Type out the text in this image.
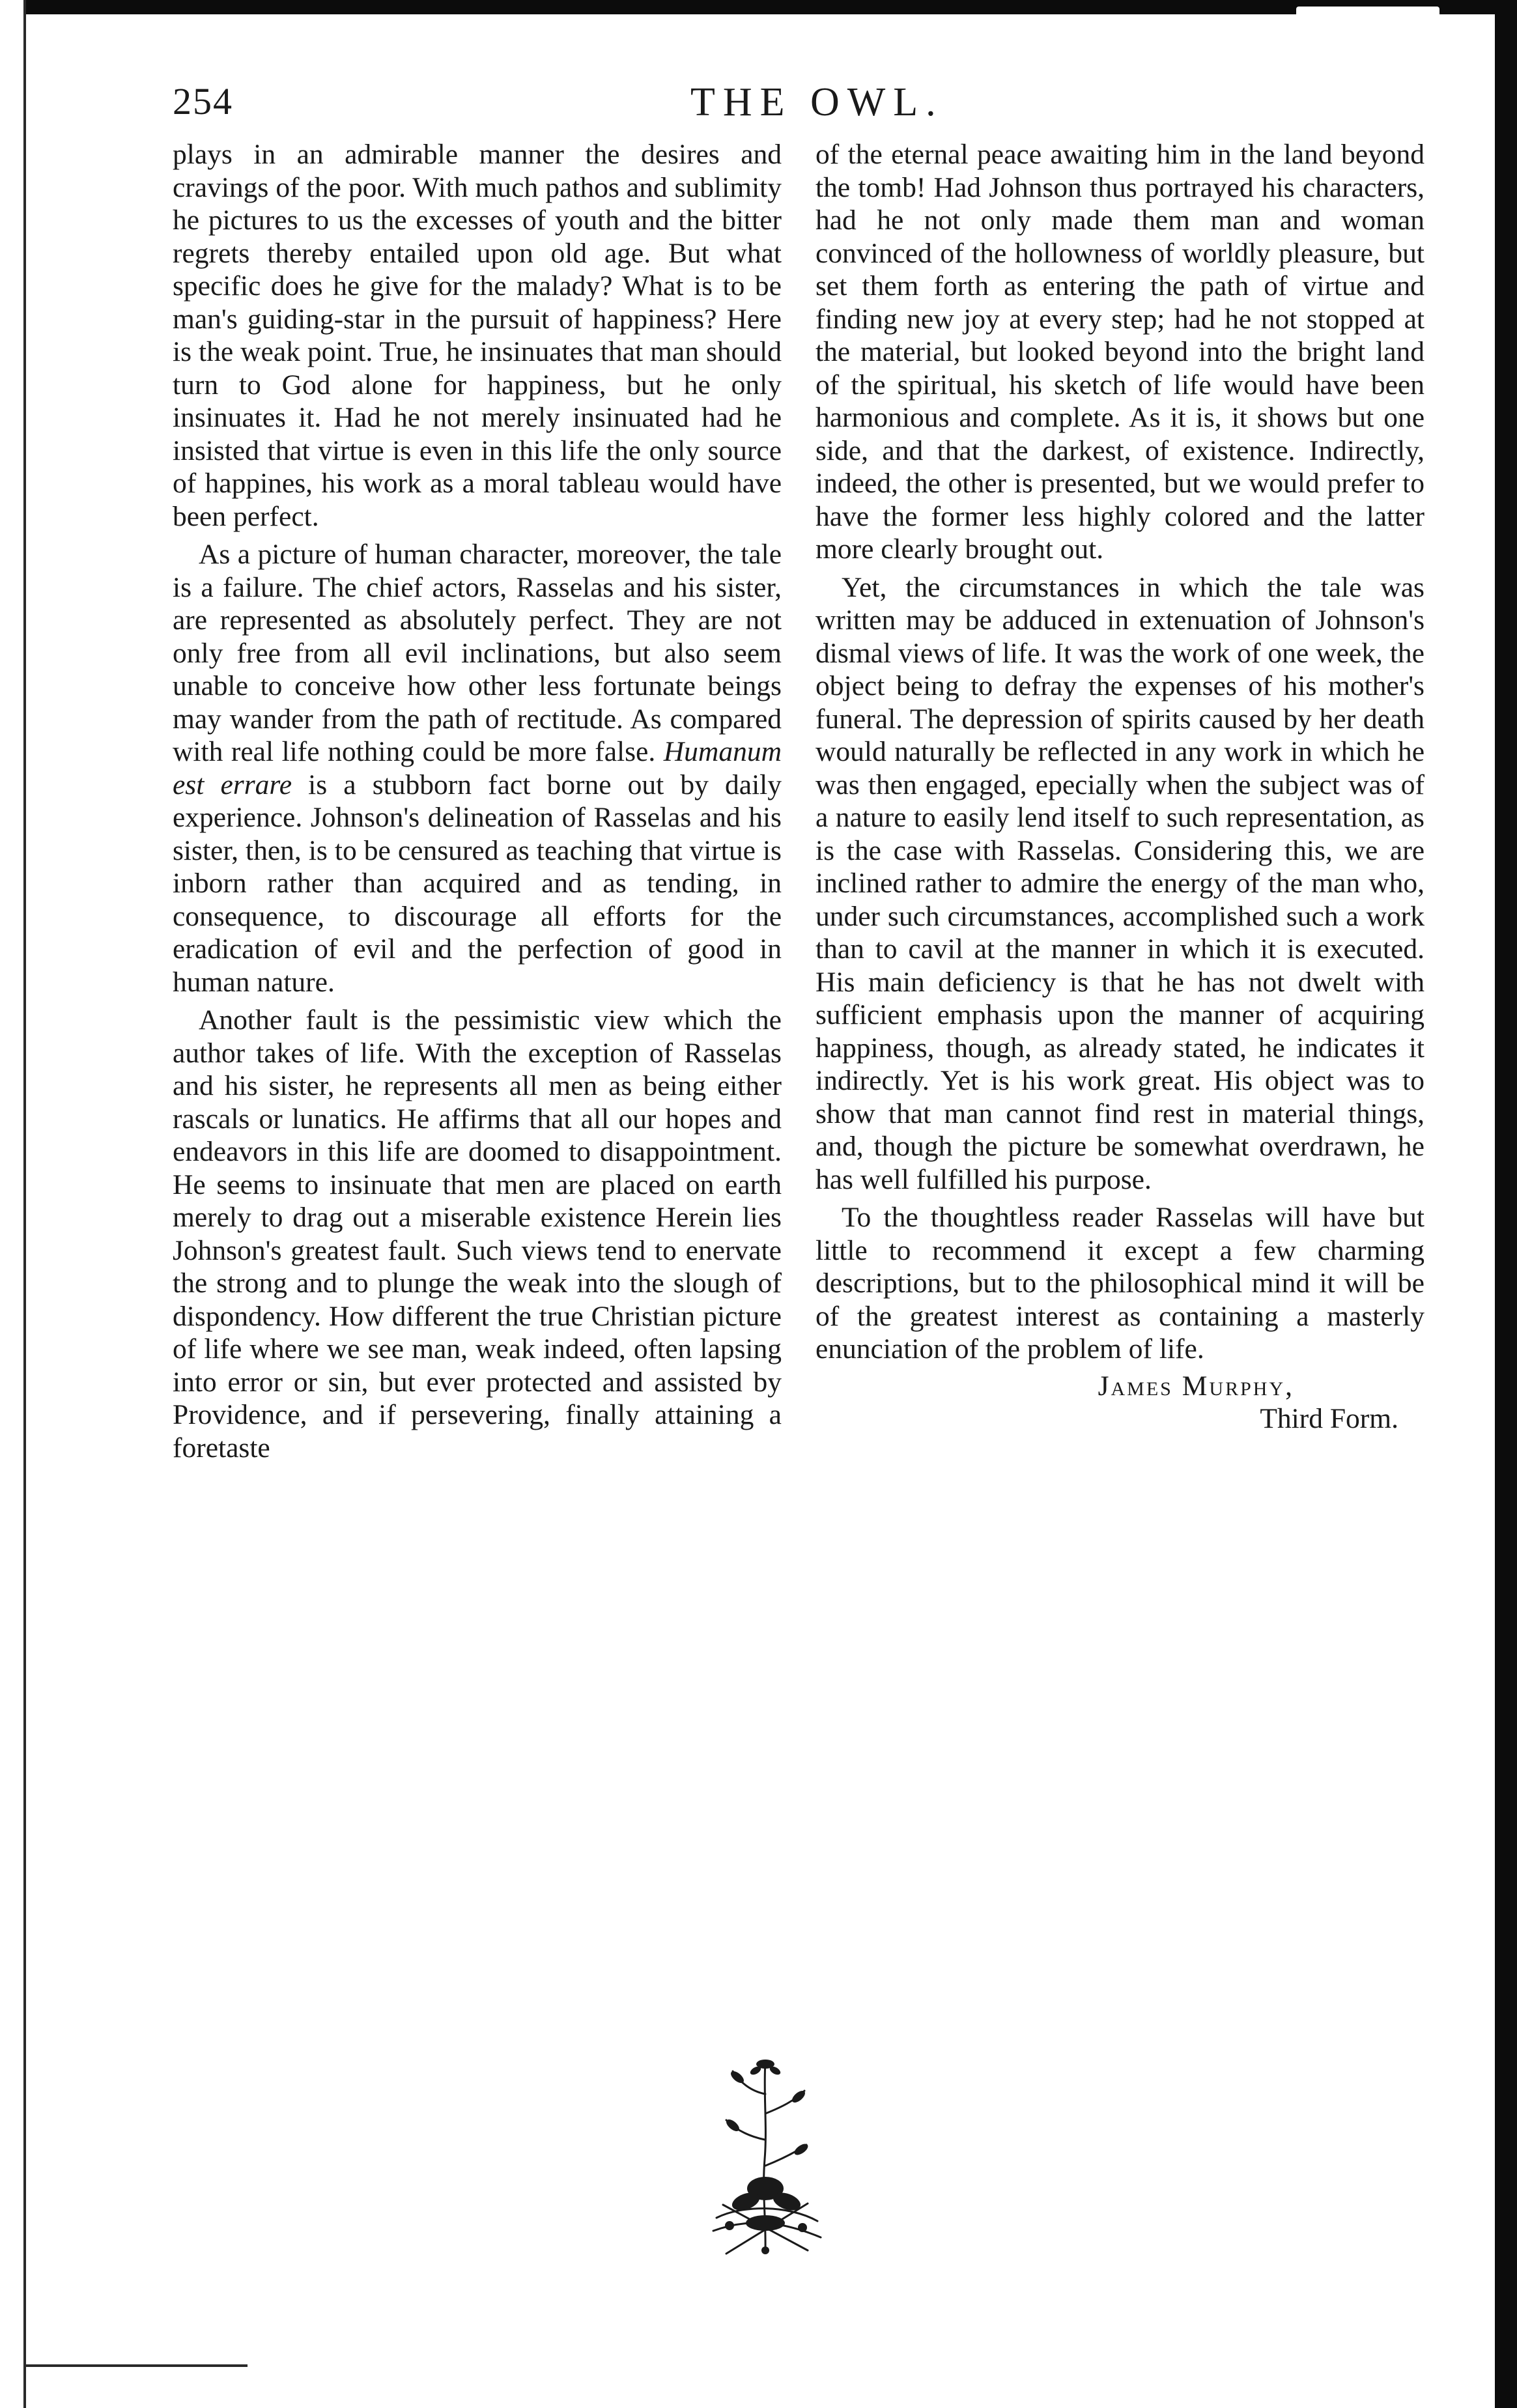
254	THE OWL.

plays in an admirable manner the desires and cravings of the poor. With much pathos and sublimity he pictures to us the excesses of youth and the bitter regrets thereby entailed upon old age. But what specific does he give for the malady? What is to be man's guiding-star in the pursuit of happiness? Here is the weak point. True, he insinuates that man should turn to God alone for happiness, but he only insinuates it. Had he not merely insinuated had he insisted that virtue is even in this life the only source of happines, his work as a moral tableau would have been perfect.

As a picture of human character, moreover, the tale is a failure. The chief actors, Rasselas and his sister, are represented as absolutely perfect. They are not only free from all evil inclinations, but also seem unable to conceive how other less fortunate beings may wander from the path of rectitude. As compared with real life nothing could be more false. Humanum est errare is a stubborn fact borne out by daily experience. Johnson's delineation of Rasselas and his sister, then, is to be censured as teaching that virtue is inborn rather than acquired and as tending, in consequence, to discourage all efforts for the eradication of evil and the perfection of good in human nature.

Another fault is the pessimistic view which the author takes of life. With the exception of Rasselas and his sister, he represents all men as being either rascals or lunatics. He affirms that all our hopes and endeavors in this life are doomed to disappointment. He seems to insinuate that men are placed on earth merely to drag out a miserable existence Herein lies Johnson's greatest fault. Such views tend to enervate the strong and to plunge the weak into the slough of dispondency. How different the true Christian picture of life where we see man, weak indeed, often lapsing into error or sin, but ever protected and assisted by Providence, and if persevering, finally attaining a foretaste

of the eternal peace awaiting him in the land beyond the tomb! Had Johnson thus portrayed his characters, had he not only made them man and woman convinced of the hollowness of worldly pleasure, but set them forth as entering the path of virtue and finding new joy at every step; had he not stopped at the material, but looked beyond into the bright land of the spiritual, his sketch of life would have been harmonious and complete. As it is, it shows but one side, and that the darkest, of existence. Indirectly, indeed, the other is presented, but we would prefer to have the former less highly colored and the latter more clearly brought out.

Yet, the circumstances in which the tale was written may be adduced in extenuation of Johnson's dismal views of life. It was the work of one week, the object being to defray the expenses of his mother's funeral. The depression of spirits caused by her death would naturally be reflected in any work in which he was then engaged, epecially when the subject was of a nature to easily lend itself to such representation, as is the case with Rasselas. Considering this, we are inclined rather to admire the energy of the man who, under such circumstances, accomplished such a work than to cavil at the manner in which it is executed. His main deficiency is that he has not dwelt with sufficient emphasis upon the manner of acquiring happiness, though, as already stated, he indicates it indirectly. Yet is his work great. His object was to show that man cannot find rest in material things, and, though the picture be somewhat overdrawn, he has well fulfilled his purpose.

To the thoughtless reader Rasselas will have but little to recommend it except a few charming descriptions, but to the philosophical mind it will be of the greatest interest as containing a masterly enunciation of the problem of life.

James Murphy,
Third Form.
